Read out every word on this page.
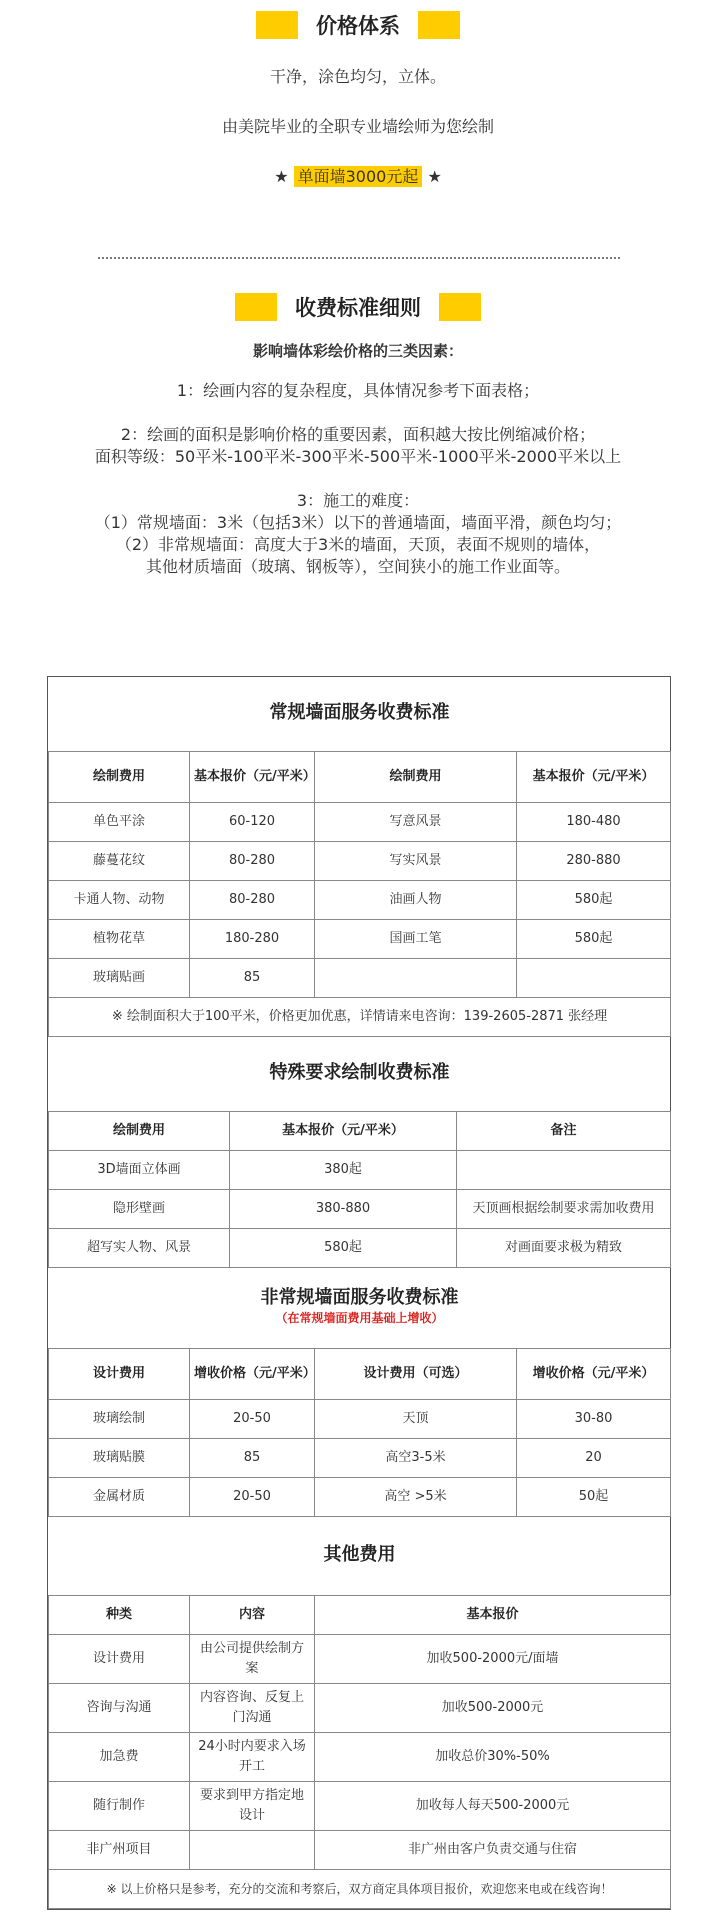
价格体系
干净，涂色均匀，立体。
由美院毕业的全职专业墙绘师为您绘制
★ 单面墙3000元起 ★
收费标准细则
影响墙体彩绘价格的三类因素：
1：绘画内容的复杂程度，具体情况参考下面表格；
2：绘画的面积是影响价格的重要因素，面积越大按比例缩减价格；
面积等级：50平米-100平米-300平米-500平米-1000平米-2000平米以上
3：施工的难度：
（1）常规墙面：3米（包括3米）以下的普通墙面，墙面平滑，颜色均匀；
（2）非常规墙面：高度大于3米的墙面，天顶，表面不规则的墙体，
其他材质墙面（玻璃、钢板等），空间狭小的施工作业面等。
常规墙面服务收费标准			
绘制费用	基本报价（元/平米）	绘制费用	基本报价（元/平米）
单色平涂	60-120	写意风景	180-480
藤蔓花纹	80-280	写实风景	280-880
卡通人物、动物	80-280	油画人物	580起
植物花草	180-280	国画工笔	580起
玻璃贴画	85		
※ 绘制面积大于100平米，价格更加优惠，详情请来电咨询：139-2605-2871 张经理			
特殊要求绘制收费标准		
绘制费用	基本报价（元/平米）	备注
3D墙面立体画	380起	
隐形壁画	380-880	天顶画根据绘制要求需加收费用
超写实人物、风景	580起	对画面要求极为精致
非常规墙面服务收费标准
（在常规墙面费用基础上增收）			

设计费用	增收价格（元/平米）	设计费用（可选）	增收价格（元/平米）
玻璃绘制	20-50	天顶	30-80
玻璃贴膜	85	高空3-5米	20
金属材质	20-50	高空 >5米	50起
其他费用		
种类	内容	基本报价
设计费用	由公司提供绘制方案	加收500-2000元/面墙
咨询与沟通	内容咨询、反复上门沟通	加收500-2000元
加急费	24小时内要求入场开工	加收总价30%-50%
随行制作	要求到甲方指定地设计	加收每人每天500-2000元
非广州项目		非广州由客户负责交通与住宿
※ 以上价格只是参考，充分的交流和考察后，双方商定具体项目报价，欢迎您来电或在线咨询！		
